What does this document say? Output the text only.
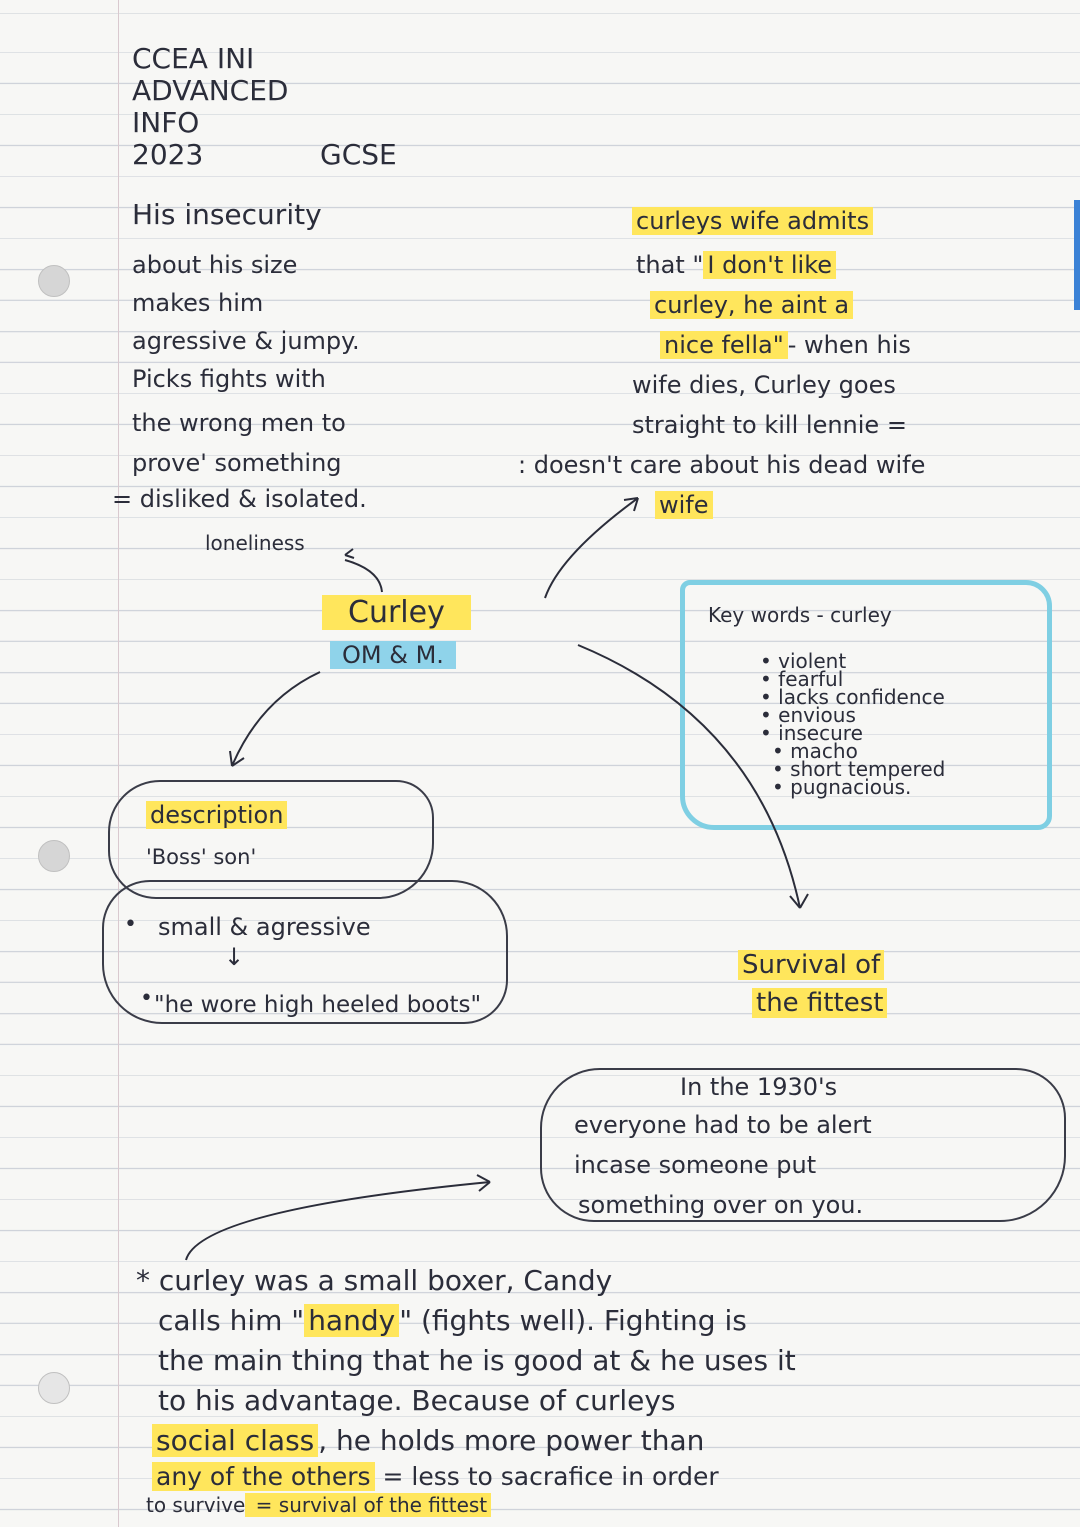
CCEA INI
ADVANCED
INFO
2023	GCSE
His insecurity
about his size
makes him
agressive & jumpy.
Picks fights with
the wrong men to
prove' something
= disliked & isolated.
loneliness
curleys wife admits
that " I don't like
curley, he aint a
nice fella" - when his
wife dies, Curley goes
straight to kill lennie =
: doesn't care about his dead wife
wife
Curley
OM & M.
Key words - curley
• violent
• fearful
• lacks confidence
• envious
• insecure
• macho
• short tempered
• pugnacious.
description
'Boss' son'
• small & agressive
↓
• "he wore high heeled boots"
Survival of
the fittest
In the 1930's
everyone had to be alert
incase someone put
something over on you.
* curley was a small boxer, Candy
calls him " handy " (fights well). Fighting is
the main thing that he is good at & he uses it
to his advantage. Because of curleys
social class , he holds more power than
any of the others = less to sacrafice in order
to survive = survival of the fittest
